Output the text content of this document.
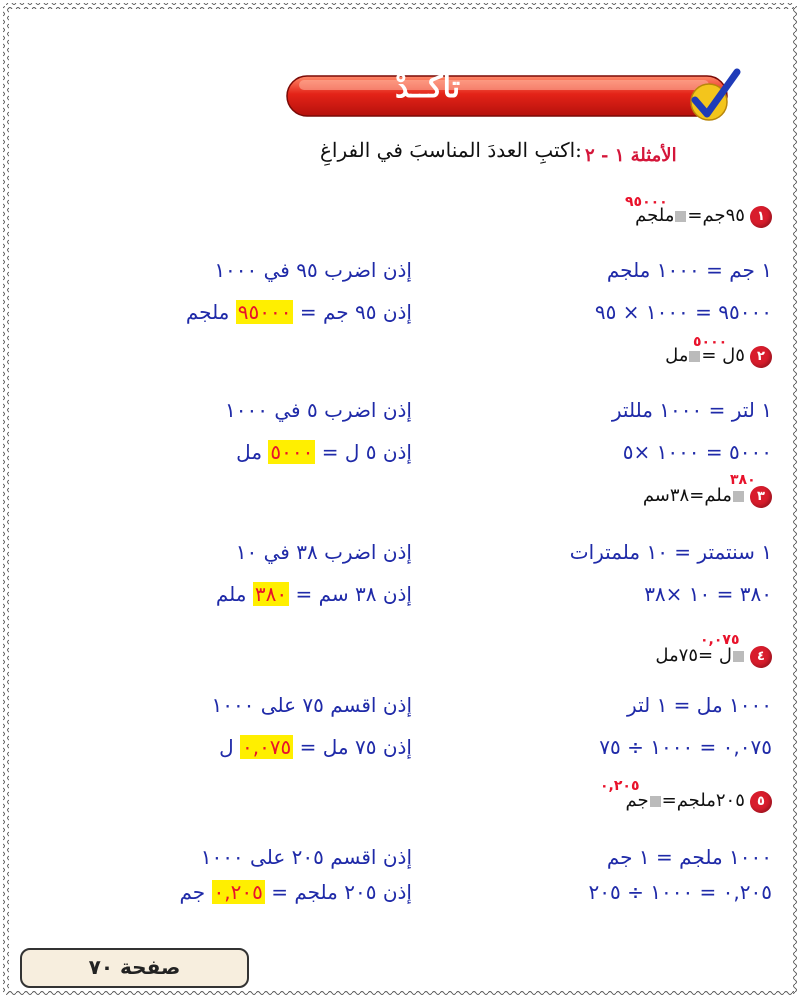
تأكَّــدْ
اكتبِ العددَ المناسبَ في الفراغِ: الأمثلة ١ - ٢
١ ٩٥جم=ملجم
٩٥٠٠٠
١ جم = ١٠٠٠ ملجم
٩٥٠٠٠ = ١٠٠٠ × ٩٥
إذن اضرب ٩٥ في ١٠٠٠
إذن ٩٥ جم = ٩٥٠٠٠ ملجم
٢ ٥ل =مل
٥٠٠٠
١ لتر = ١٠٠٠ مللتر
٥٠٠٠ = ١٠٠٠ ×٥
إذن اضرب ٥ في ١٠٠٠
إذن ٥ ل = ٥٠٠٠ مل
٣ ملم=٣٨سم
٣٨٠
١ سنتمتر = ١٠ ملمترات
٣٨٠ = ١٠ ×٣٨
إذن اضرب ٣٨ في ١٠
إذن ٣٨ سم = ٣٨٠ ملم
٤ ل =٧٥مل
٠,٠٧٥
١٠٠٠ مل = ١ لتر
٠,٠٧٥ = ١٠٠٠ ÷ ٧٥
إذن اقسم ٧٥ على ١٠٠٠
إذن ٧٥ مل = ٠,٠٧٥ ل
٥ ٢٠٥ملجم=جم
٠,٢٠٥
١٠٠٠ ملجم = ١ جم
٠,٢٠٥ = ١٠٠٠ ÷ ٢٠٥
إذن اقسم ٢٠٥ على ١٠٠٠
إذن ٢٠٥ ملجم = ٠,٢٠٥ جم
صفحة ٧٠
